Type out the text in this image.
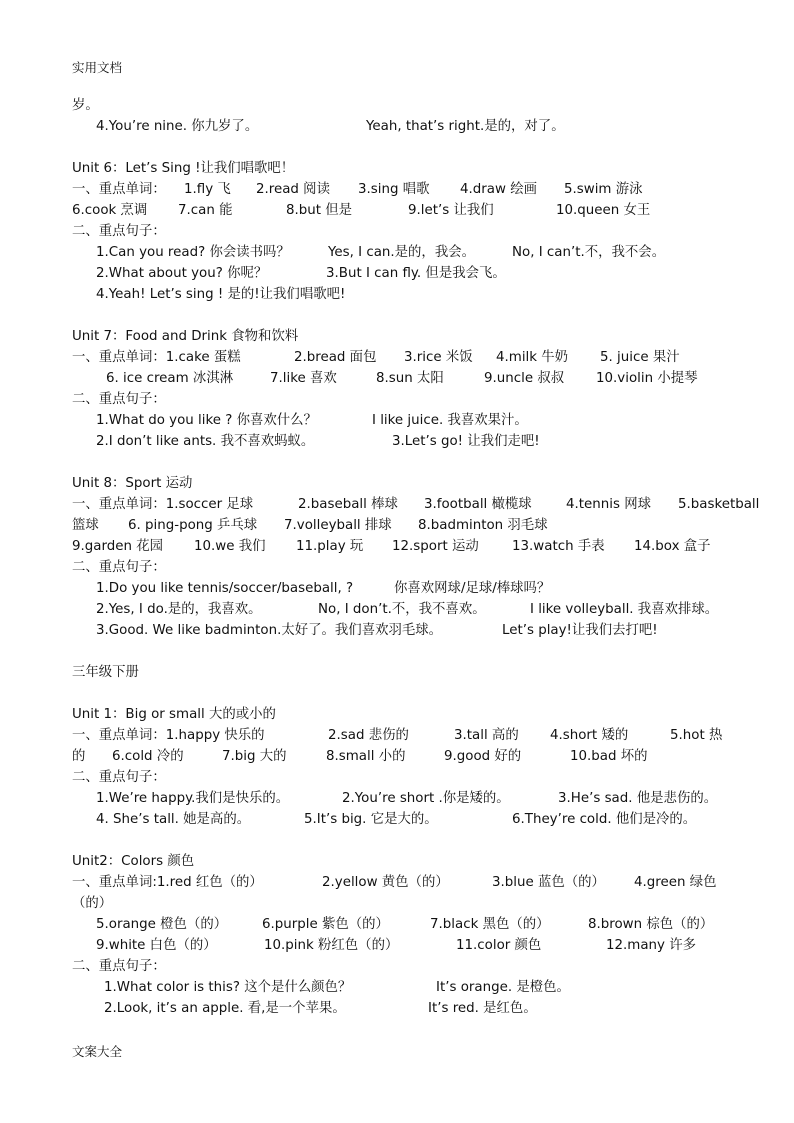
实用文档
岁。
4.You’re nine. 你九岁了。	Yeah, that’s right.是的，对了。
Unit 6：Let’s Sing !让我们唱歌吧！
一、重点单词： 1.fly 飞 2.read 阅读 3.sing 唱歌 4.draw 绘画 5.swim 游泳
6.cook 烹调 7.can 能	8.but 但是	9.let’s 让我们	10.queen 女王
二、重点句子：
1.Can you read? 你会读书吗？	Yes, I can.是的，我会。	No, I can’t.不，我不会。
2.What about you? 你呢？	3.But I can fly. 但是我会飞。
4.Yeah! Let’s sing ! 是的!让我们唱歌吧!
Unit 7：Food and Drink 食物和饮料
一、重点单词：1.cake 蛋糕	2.bread 面包 3.rice 米饭 4.milk 牛奶 5. juice 果汁
6. ice cream 冰淇淋	7.like 喜欢	8.sun 太阳	9.uncle 叔叔 10.violin 小提琴
二、重点句子：
1.What do you like ? 你喜欢什么？	I like juice. 我喜欢果汁。
2.I don’t like ants. 我不喜欢蚂蚁。	3.Let’s go! 让我们走吧!
Unit 8：Sport 运动
一、重点单词：1.soccer 足球	2.baseball 棒球 3.football 橄榄球	4.tennis 网球 5.basketball
篮球 6. ping-pong 乒乓球 7.volleyball 排球 8.badminton 羽毛球
9.garden 花园 10.we 我们 11.play 玩 12.sport 运动 13.watch 手表 14.box 盒子
二、重点句子：
1.Do you like tennis/soccer/baseball, ?	你喜欢网球/足球/棒球吗？
2.Yes, I do.是的，我喜欢。	No, I don’t.不，我不喜欢。	I like volleyball. 我喜欢排球。
3.Good. We like badminton.太好了。我们喜欢羽毛球。	Let’s play!让我们去打吧!
三年级下册
Unit 1：Big or small 大的或小的
一、重点单词：1.happy 快乐的	2.sad 悲伤的	3.tall 高的 4.short 矮的	5.hot 热
的 6.cold 冷的	7.big 大的	8.small 小的	9.good 好的	10.bad 坏的
二、重点句子：
1.We’re happy.我们是快乐的。	2.You’re short .你是矮的。	3.He’s sad. 他是悲伤的。
4. She’s tall. 她是高的。	5.It’s big. 它是大的。	6.They’re cold. 他们是冷的。
Unit2：Colors 颜色
一、重点单词:1.red 红色（的）	2.yellow 黄色（的）	3.blue 蓝色（的） 4.green 绿色
（的）
5.orange 橙色（的）	6.purple 紫色（的）	7.black 黑色（的）	8.brown 棕色（的）
9.white 白色（的）	10.pink 粉红色（的）	11.color 颜色	12.many 许多
二、重点句子：
1.What color is this? 这个是什么颜色？	It’s orange. 是橙色。
2.Look, it’s an apple. 看,是一个苹果。	It’s red. 是红色。
文案大全
